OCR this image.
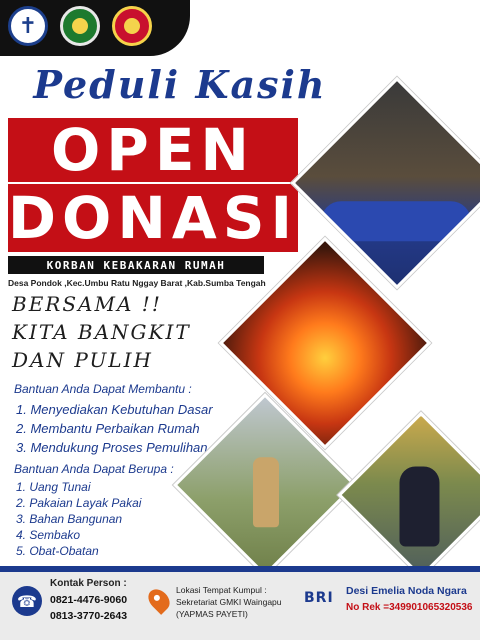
✝
Peduli Kasih
OPEN
DONASI
KORBAN KEBAKARAN RUMAH
Desa Pondok ,Kec.Umbu Ratu Nggay Barat ,Kab.Sumba Tengah
BERSAMA !!
KITA BANGKIT
DAN PULIH
Bantuan Anda Dapat Membantu :
1. Menyediakan Kebutuhan Dasar
2. Membantu Perbaikan Rumah
3. Mendukung Proses Pemulihan
Bantuan Anda Dapat Berupa :
1. Uang Tunai
2. Pakaian Layak Pakai
3. Bahan Bangunan
4. Sembako
5. Obat-Obatan
☎
Kontak Person :
0821-4476-9060
0813-3770-2643
Lokasi Tempat Kumpul :
Sekretariat GMKI Waingapu
(YAPMAS PAYETI)
BRI Desi Emelia Noda Ngara
No Rek =349901065320536
